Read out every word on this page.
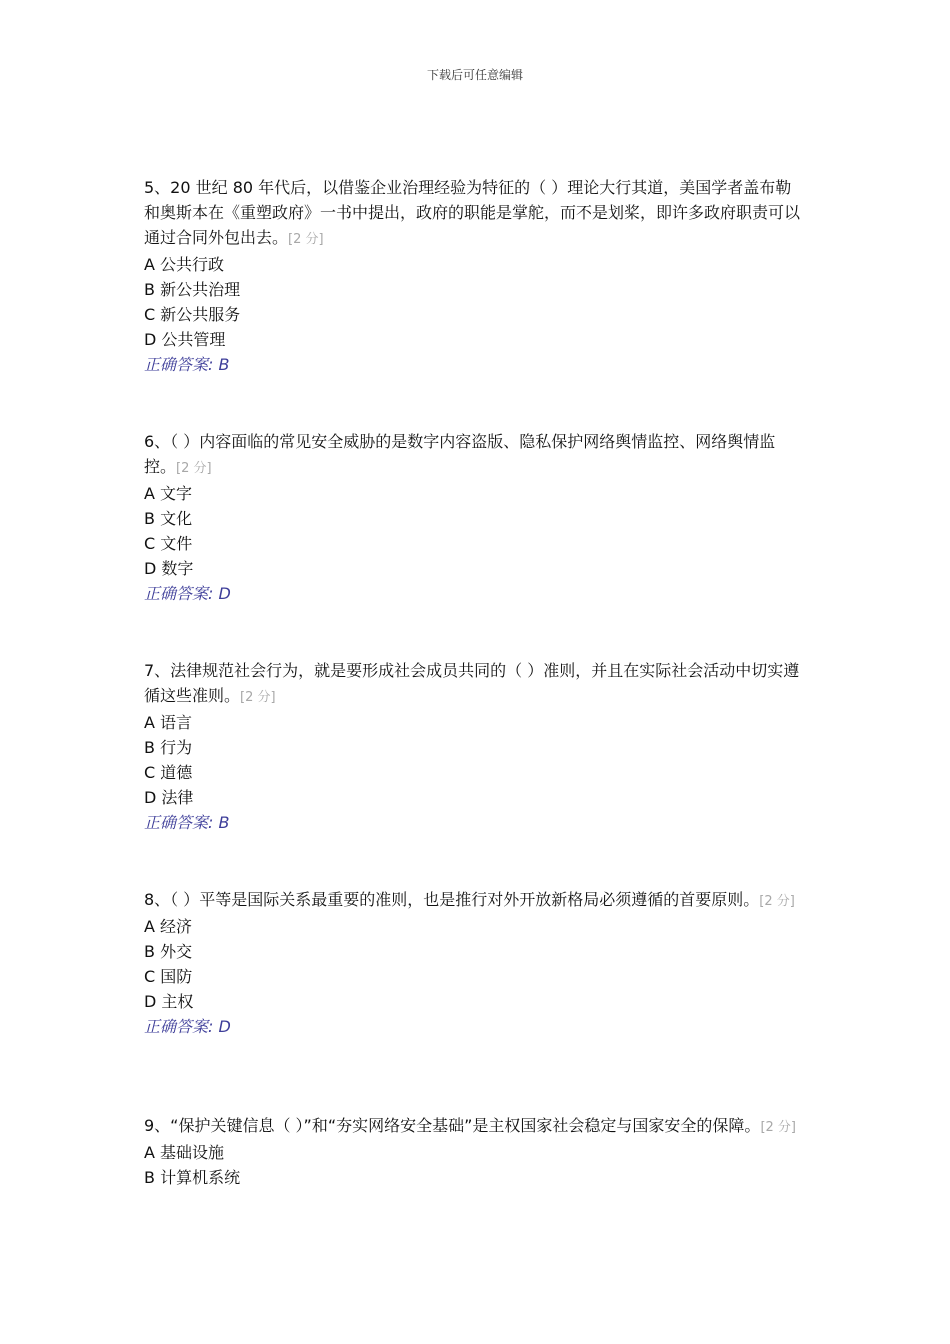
下载后可任意编辑

5、20 世纪 80 年代后，以借鉴企业治理经验为特征的（ ）理论大行其道，美国学者盖布勒和奥斯本在《重塑政府》一书中提出，政府的职能是掌舵，而不是划桨，即许多政府职责可以通过合同外包出去。[2 分]

A 公共行政

B 新公共治理

C 新公共服务

D 公共管理

正确答案: B

6、（ ）内容面临的常见安全威胁的是数字内容盗版、隐私保护网络舆情监控、网络舆情监控。[2 分]

A 文字

B 文化

C 文件

D 数字

正确答案: D

7、法律规范社会行为，就是要形成社会成员共同的（ ）准则，并且在实际社会活动中切实遵循这些准则。[2 分]

A 语言

B 行为

C 道德

D 法律

正确答案: B

8、（ ）平等是国际关系最重要的准则，也是推行对外开放新格局必须遵循的首要原则。[2 分]

A 经济

B 外交

C 国防

D 主权

正确答案: D

9、“保护关键信息（ ）”和“夯实网络安全基础”是主权国家社会稳定与国家安全的保障。[2 分]

A 基础设施

B 计算机系统
